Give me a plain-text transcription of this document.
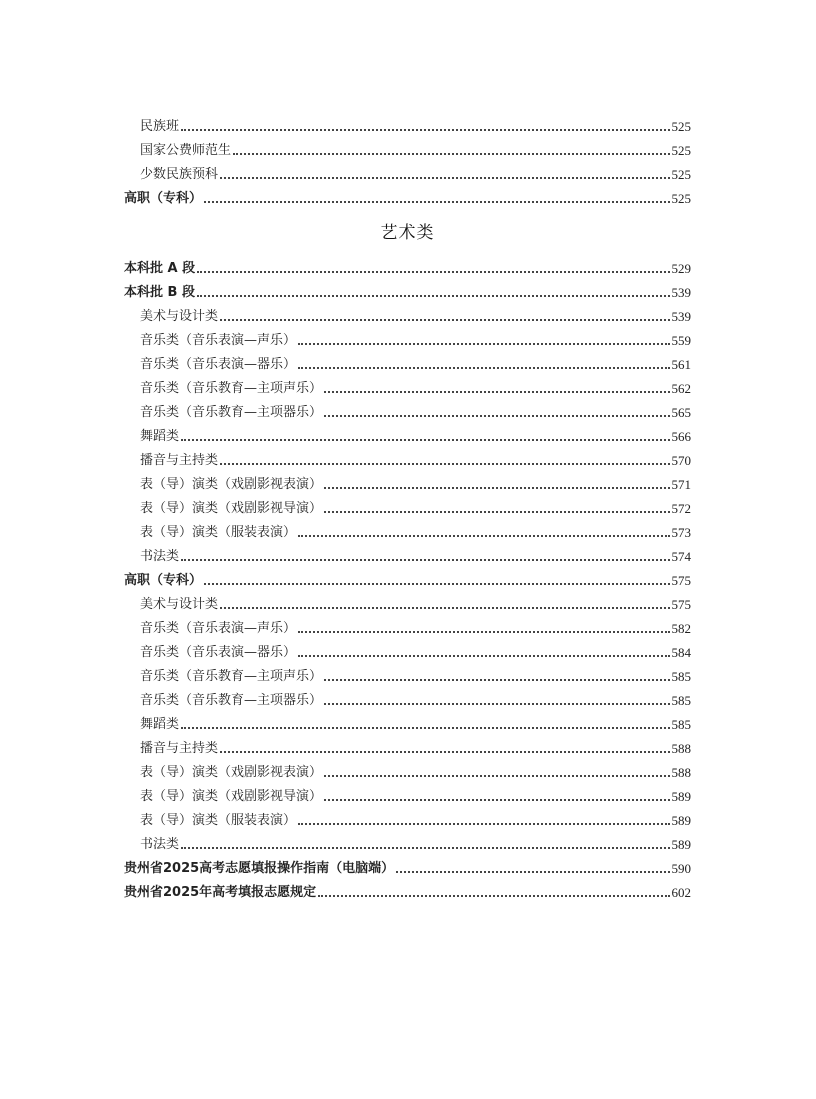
民族班	525
国家公费师范生	525
少数民族预科	525
高职（专科）	525
艺术类
本科批 A 段	529
本科批 B 段	539
美术与设计类	539
音乐类（音乐表演—声乐）	559
音乐类（音乐表演—器乐）	561
音乐类（音乐教育—主项声乐）	562
音乐类（音乐教育—主项器乐）	565
舞蹈类	566
播音与主持类	570
表（导）演类（戏剧影视表演）	571
表（导）演类（戏剧影视导演）	572
表（导）演类（服装表演）	573
书法类	574
高职（专科）	575
美术与设计类	575
音乐类（音乐表演—声乐）	582
音乐类（音乐表演—器乐）	584
音乐类（音乐教育—主项声乐）	585
音乐类（音乐教育—主项器乐）	585
舞蹈类	585
播音与主持类	588
表（导）演类（戏剧影视表演）	588
表（导）演类（戏剧影视导演）	589
表（导）演类（服装表演）	589
书法类	589
贵州省2025高考志愿填报操作指南（电脑端）	590
贵州省2025年高考填报志愿规定	602
